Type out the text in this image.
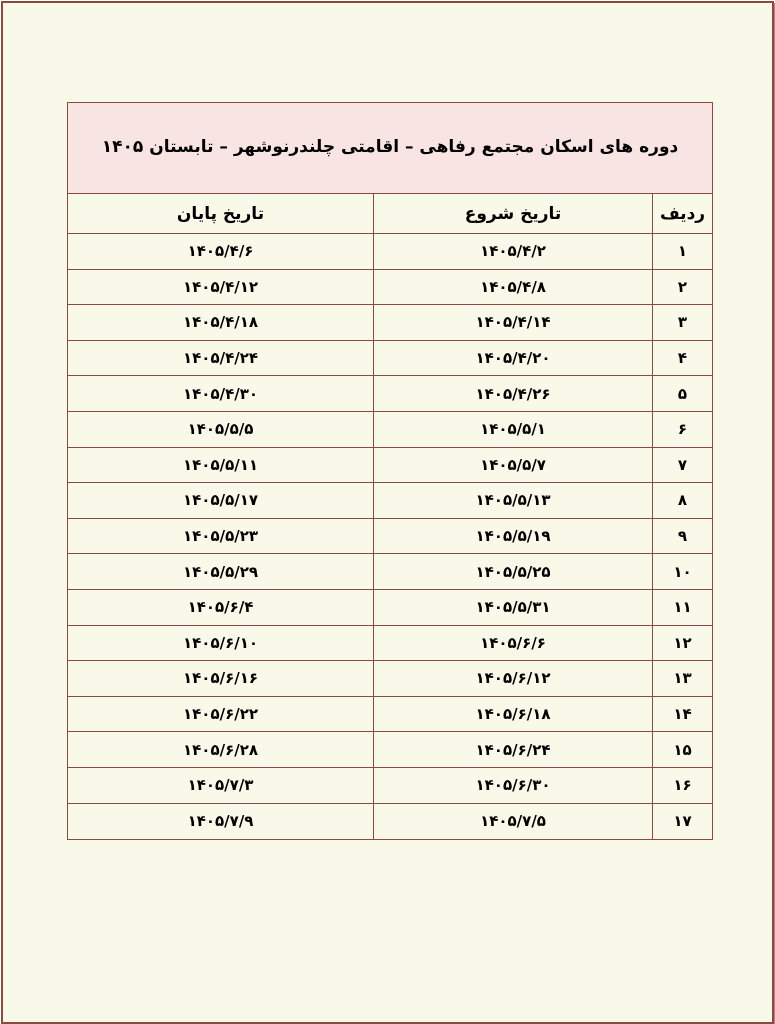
دوره های اسکان مجتمع رفاهی – اقامتی چلندرنوشهر – تابستان ۱۴۰۵
ردیف
تاریخ شروع
تاریخ پایان
۱
۱۴۰۵/۴/۲
۱۴۰۵/۴/۶
۲
۱۴۰۵/۴/۸
۱۴۰۵/۴/۱۲
۳
۱۴۰۵/۴/۱۴
۱۴۰۵/۴/۱۸
۴
۱۴۰۵/۴/۲۰
۱۴۰۵/۴/۲۴
۵
۱۴۰۵/۴/۲۶
۱۴۰۵/۴/۳۰
۶
۱۴۰۵/۵/۱
۱۴۰۵/۵/۵
۷
۱۴۰۵/۵/۷
۱۴۰۵/۵/۱۱
۸
۱۴۰۵/۵/۱۳
۱۴۰۵/۵/۱۷
۹
۱۴۰۵/۵/۱۹
۱۴۰۵/۵/۲۳
۱۰
۱۴۰۵/۵/۲۵
۱۴۰۵/۵/۲۹
۱۱
۱۴۰۵/۵/۳۱
۱۴۰۵/۶/۴
۱۲
۱۴۰۵/۶/۶
۱۴۰۵/۶/۱۰
۱۳
۱۴۰۵/۶/۱۲
۱۴۰۵/۶/۱۶
۱۴
۱۴۰۵/۶/۱۸
۱۴۰۵/۶/۲۲
۱۵
۱۴۰۵/۶/۲۴
۱۴۰۵/۶/۲۸
۱۶
۱۴۰۵/۶/۳۰
۱۴۰۵/۷/۳
۱۷
۱۴۰۵/۷/۵
۱۴۰۵/۷/۹
